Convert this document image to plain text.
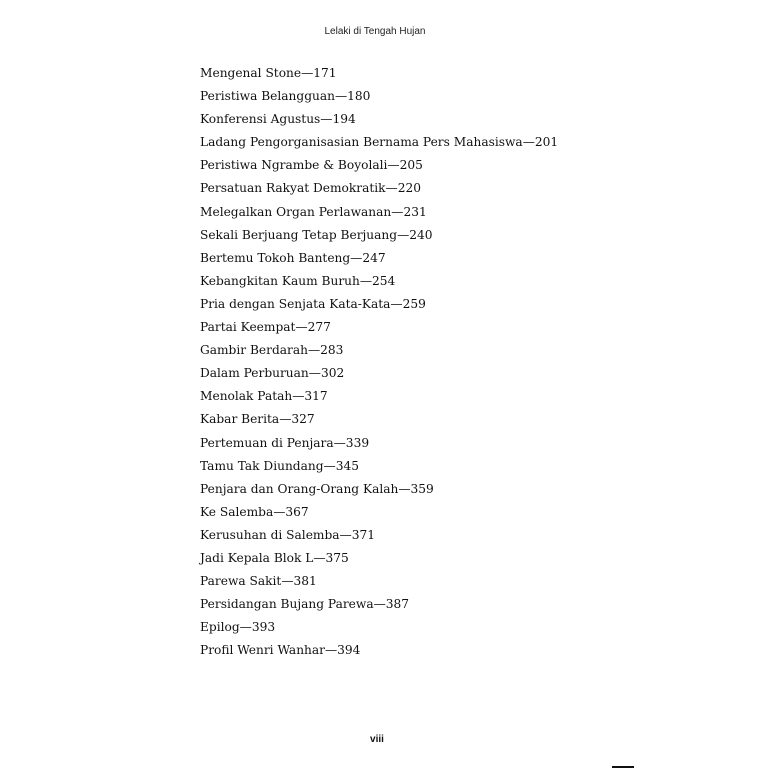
Lelaki di Tengah Hujan
Mengenal Stone—171
Peristiwa Belangguan—180
Konferensi Agustus—194
Ladang Pengorganisasian Bernama Pers Mahasiswa—201
Peristiwa Ngrambe & Boyolali—205
Persatuan Rakyat Demokratik—220
Melegalkan Organ Perlawanan—231
Sekali Berjuang Tetap Berjuang—240
Bertemu Tokoh Banteng—247
Kebangkitan Kaum Buruh—254
Pria dengan Senjata Kata-Kata—259
Partai Keempat—277
Gambir Berdarah—283
Dalam Perburuan—302
Menolak Patah—317
Kabar Berita—327
Pertemuan di Penjara—339
Tamu Tak Diundang—345
Penjara dan Orang-Orang Kalah—359
Ke Salemba—367
Kerusuhan di Salemba—371
Jadi Kepala Blok L—375
Parewa Sakit—381
Persidangan Bujang Parewa—387
Epilog—393
Profil Wenri Wanhar—394
viii
